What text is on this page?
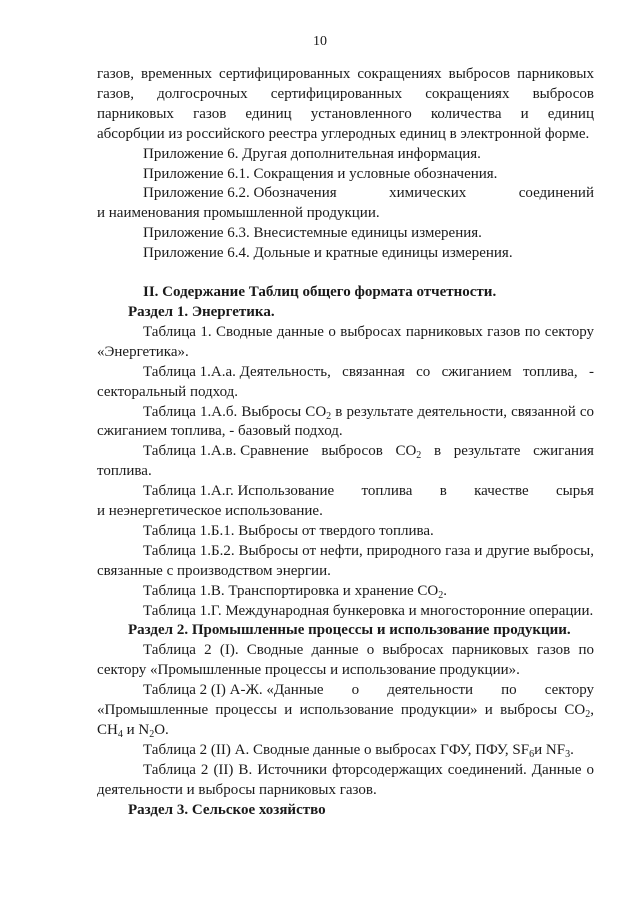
10
газов, временных сертифицированных сокращениях выбросов парниковых
газов, долгосрочных сертифицированных сокращениях выбросов
парниковых газов единиц установленного количества и единиц

абсорбции из российского реестра углеродных единиц в электронной форме.

Приложение 6. Другая дополнительная информация.

Приложение 6.1. Сокращения и условные обозначения.

Приложение 6.2. Обозначения	химических	соединений

и наименования промышленной продукции.

Приложение 6.3. Внесистемные единицы измерения.

Приложение 6.4. Дольные и кратные единицы измерения.

II. Содержание Таблиц общего формата отчетности.

Раздел 1. Энергетика.

Таблица 1. Сводные данные о выбросах парниковых газов по сектору «Энергетика».

Таблица 1.А.а. Деятельность, связанная со сжиганием топлива, -

секторальный подход.

Таблица 1.А.б. Выбросы $CO_2$ в результате деятельности, связанной со сжиганием топлива, - базовый подход.

Таблица 1.А.в. Сравнение выбросов $CO_2$ в результате сжигания

топлива.

Таблица 1.А.г. Использование топлива в качестве сырья

и неэнергетическое использование.

Таблица 1.Б.1. Выбросы от твердого топлива.

Таблица 1.Б.2. Выбросы от нефти, природного газа и другие выбросы, связанные с производством энергии.

Таблица 1.В. Транспортировка и хранение $CO_2$.

Таблица 1.Г. Международная бункеровка и многосторонние операции.

Раздел 2. Промышленные процессы и использование продукции.

Таблица 2 (I). Сводные данные о выбросах парниковых газов по сектору «Промышленные процессы и использование продукции».

Таблица 2 (I) А-Ж. «Данные о деятельности по сектору

«Промышленные процессы и использование продукции» и выбросы $CO_2$,

$CH_4$ и $N_2O$.

Таблица 2 (II) А. Сводные данные о выбросах ГФУ, ПФУ, $SF_6и$ $NF_3$.

Таблица 2 (II) В. Источники фторсодержащих соединений. Данные о деятельности и выбросы парниковых газов.

Раздел 3. Сельское хозяйство
